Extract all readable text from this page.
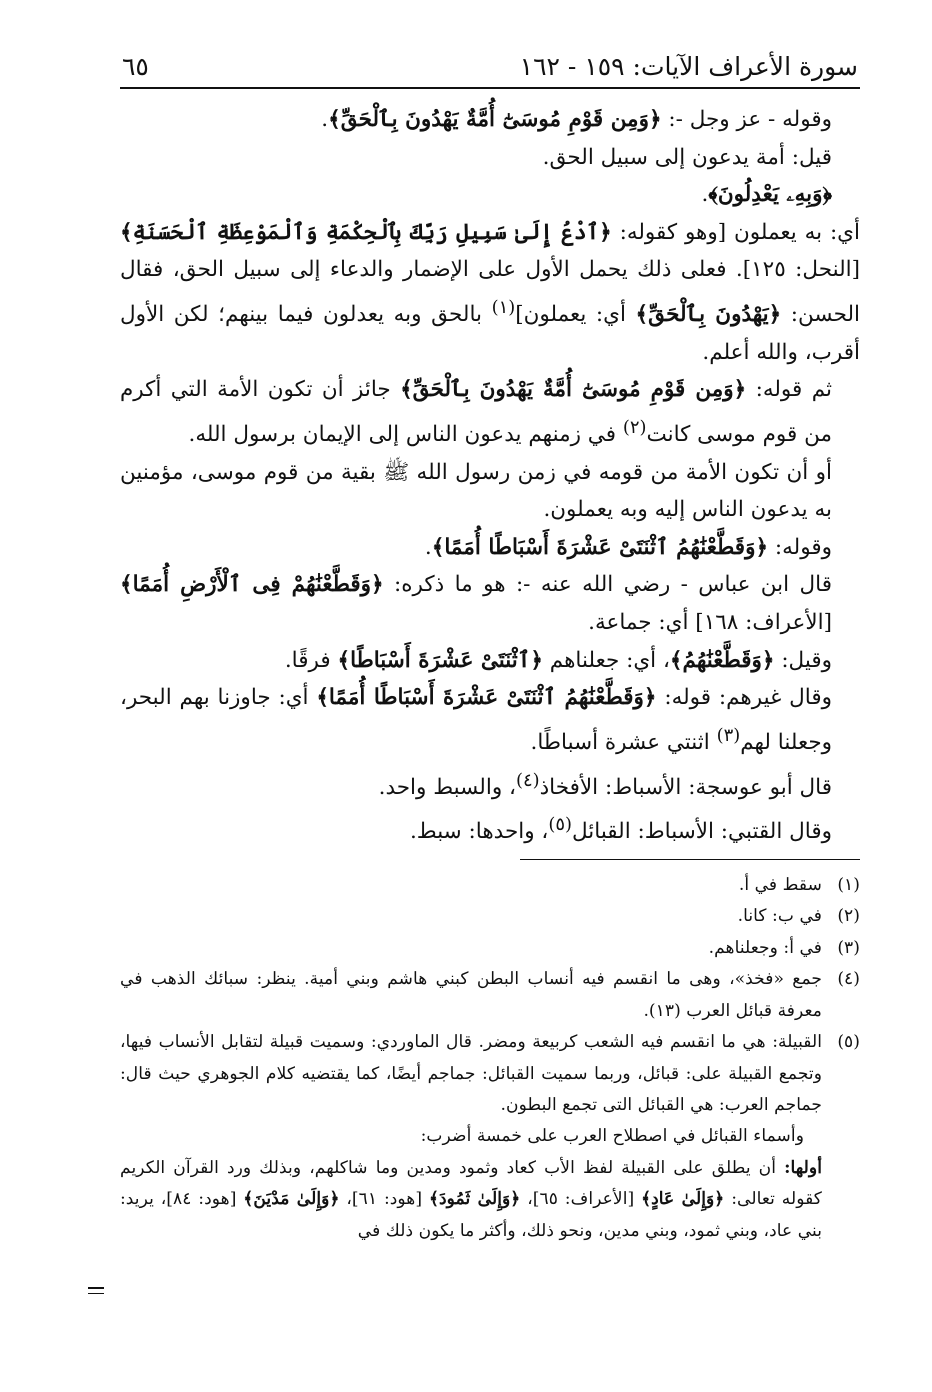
سورة الأعراف الآيات: ١٥٩ - ١٦٢
٦٥

وقوله - عز وجل -: ﴿وَمِن قَوْمِ مُوسَىٰٓ أُمَّةٌ يَهْدُونَ بِٱلْحَقِّ﴾.

قيل: أمة يدعون إلى سبيل الحق.

﴿وَبِهِۦ يَعْدِلُونَ﴾.

أي: به يعملون [وهو كقوله: ﴿ٱدْعُ إِلَىٰ سَبِيلِ رَبِّكَ بِٱلْحِكْمَةِ وَٱلْمَوْعِظَةِ ٱلْحَسَنَةِ﴾ [النحل: ١٢٥]. فعلى ذلك يحمل الأول على الإضمار والدعاء إلى سبيل الحق، فقال الحسن: ﴿يَهْدُونَ بِٱلْحَقِّ﴾ أي: يعملون]$^{(١)}$ بالحق وبه يعدلون فيما بينهم؛ لكن الأول أقرب، والله أعلم.

ثم قوله: ﴿وَمِن قَوْمِ مُوسَىٰٓ أُمَّةٌ يَهْدُونَ بِٱلْحَقِّ﴾ جائز أن تكون الأمة التي أكرم من قوم موسى كانت$^{(٢)}$ في زمنهم يدعون الناس إلى الإيمان برسول الله.

أو أن تكون الأمة من قومه في زمن رسول الله ﷺ بقية من قوم موسى، مؤمنين به يدعون الناس إليه وبه يعملون.

وقوله: ﴿وَقَطَّعْنَٰهُمُ ٱثْنَتَىْ عَشْرَةَ أَسْبَاطًا أُمَمًا﴾.

قال ابن عباس - رضي الله عنه -: هو ما ذكره: ﴿وَقَطَّعْنَٰهُمْ فِى ٱلْأَرْضِ أُمَمًا﴾ [الأعراف: ١٦٨] أي: جماعة.

وقيل: ﴿وَقَطَّعْنَٰهُمُ﴾، أي: جعلناهم ﴿ٱثْنَتَىْ عَشْرَةَ أَسْبَاطًا﴾ فرقًا.

وقال غيرهم: قوله: ﴿وَقَطَّعْنَٰهُمُ ٱثْنَتَىْ عَشْرَةَ أَسْبَاطًا أُمَمًا﴾ أي: جاوزنا بهم البحر، وجعلنا لهم$^{(٣)}$ اثنتي عشرة أسباطًا.

قال أبو عوسجة: الأسباط: الأفخاذ$^{(٤)}$، والسبط واحد.

وقال القتبي: الأسباط: القبائل$^{(٥)}$، واحدها: سبط.

(١)
سقط في أ.
(٢)
في ب: كانا.
(٣)
في أ: وجعلناهم.
(٤)
جمع «فخذ»، وهى ما انقسم فيه أنساب البطن كبني هاشم وبني أمية. ينظر: سبائك الذهب في معرفة قبائل العرب (١٣).
(٥)
القبيلة: هي ما انقسم فيه الشعب كربيعة ومضر. قال الماوردي: وسميت قبيلة لتقابل الأنساب فيها، وتجمع القبيلة على: قبائل، وربما سميت القبائل: جماجم أيضًا، كما يقتضيه كلام الجوهري حيث قال: جماجم العرب: هي القبائل التى تجمع البطون.
وأسماء القبائل في اصطلاح العرب على خمسة أضرب:
أولها: أن يطلق على القبيلة لفظ الأب كعاد وثمود ومدين وما شاكلهم، وبذلك ورد القرآن الكريم كقوله تعالى: ﴿وَإِلَىٰ عَادٍ﴾ [الأعراف: ٦٥]، ﴿وَإِلَىٰ ثَمُودَ﴾ [هود: ٦١]، ﴿وَإِلَىٰ مَدْيَنَ﴾ [هود: ٨٤]، يريد: بني عاد، وبني ثمود، وبني مدين، ونحو ذلك، وأكثر ما يكون ذلك في
